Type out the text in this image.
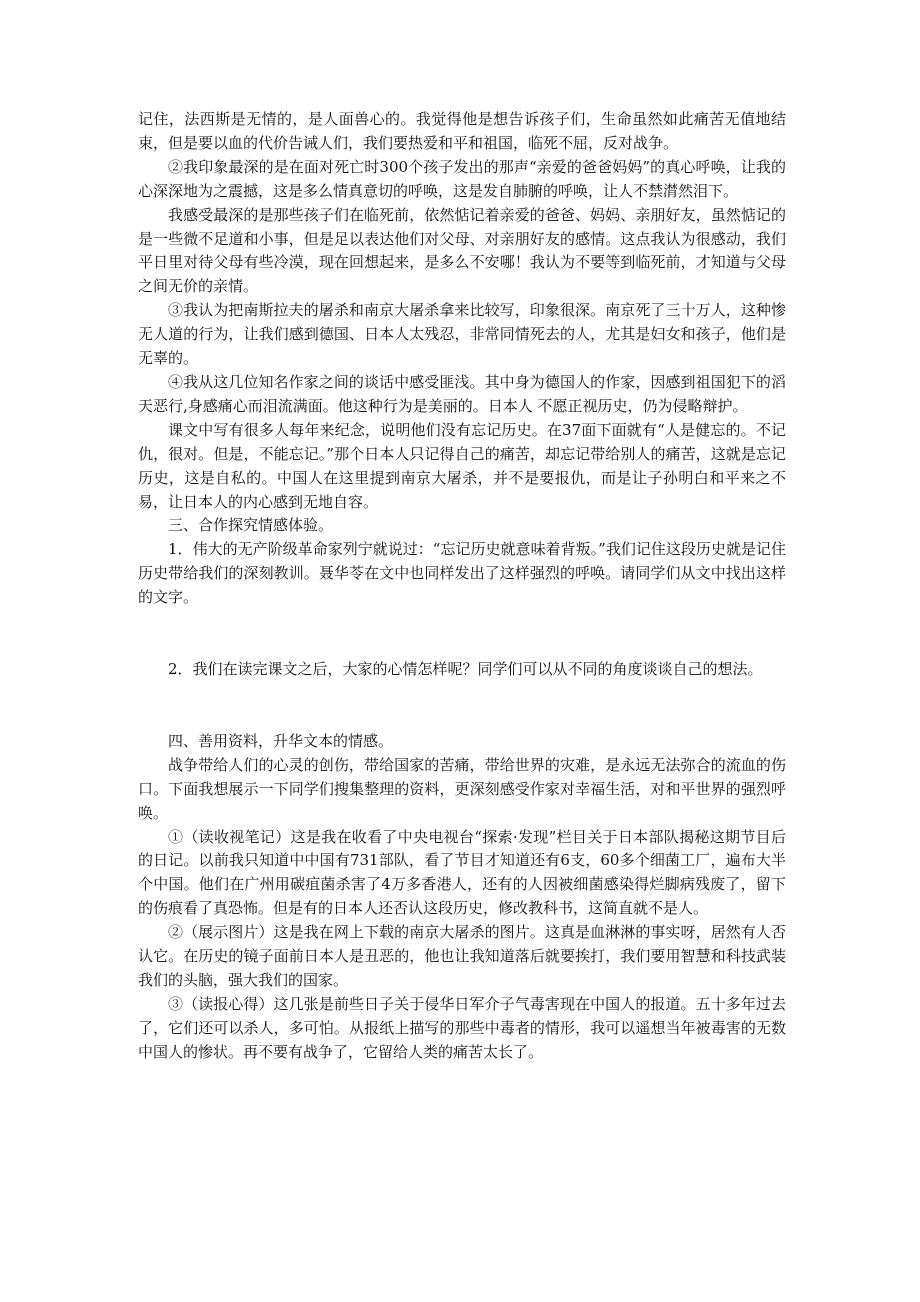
记住，法西斯是无情的，是人面兽心的。我觉得他是想告诉孩子们，生命虽然如此痛苦无值地结束，但是要以血的代价告诫人们，我们要热爱和平和祖国，临死不屈，反对战争。

②我印象最深的是在面对死亡时300个孩子发出的那声“亲爱的爸爸妈妈”的真心呼唤，让我的心深深地为之震撼，这是多么情真意切的呼唤，这是发自肺腑的呼唤，让人不禁潸然泪下。

我感受最深的是那些孩子们在临死前，依然惦记着亲爱的爸爸、妈妈、亲朋好友，虽然惦记的是一些微不足道和小事，但是足以表达他们对父母、对亲朋好友的感情。这点我认为很感动，我们平日里对待父母有些冷漠，现在回想起来，是多么不安哪！我认为不要等到临死前，才知道与父母之间无价的亲情。

③我认为把南斯拉夫的屠杀和南京大屠杀拿来比较写，印象很深。南京死了三十万人，这种惨无人道的行为，让我们感到德国、日本人太残忍，非常同情死去的人，尤其是妇女和孩子，他们是无辜的。

④我从这几位知名作家之间的谈话中感受匪浅。其中身为德国人的作家，因感到祖国犯下的滔天恶行,身感痛心而泪流满面。他这种行为是美丽的。日本人 不愿正视历史，仍为侵略辩护。

课文中写有很多人每年来纪念，说明他们没有忘记历史。在37面下面就有“人是健忘的。不记仇，很对。但是，不能忘记。”那个日本人只记得自己的痛苦，却忘记带给别人的痛苦，这就是忘记历史，这是自私的。中国人在这里提到南京大屠杀，并不是要报仇，而是让子孙明白和平来之不易，让日本人的内心感到无地自容。

三、合作探究情感体验。

1．伟大的无产阶级革命家列宁就说过：“忘记历史就意味着背叛。”我们记住这段历史就是记住历史带给我们的深刻教训。聂华苓在文中也同样发出了这样强烈的呼唤。请同学们从文中找出这样的文字。

2．我们在读完课文之后，大家的心情怎样呢？同学们可以从不同的角度谈谈自己的想法。

四、善用资料，升华文本的情感。

战争带给人们的心灵的创伤，带给国家的苦痛，带给世界的灾难，是永远无法弥合的流血的伤口。下面我想展示一下同学们搜集整理的资料，更深刻感受作家对幸福生活，对和平世界的强烈呼唤。

①（读收视笔记）这是我在收看了中央电视台“探索·发现”栏目关于日本部队揭秘这期节目后的日记。以前我只知道中中国有731部队，看了节目才知道还有6支，60多个细菌工厂，遍布大半个中国。他们在广州用碳疽菌杀害了4万多香港人，还有的人因被细菌感染得烂脚病残废了，留下的伤痕看了真恐怖。但是有的日本人还否认这段历史，修改教科书，这简直就不是人。

②（展示图片）这是我在网上下载的南京大屠杀的图片。这真是血淋淋的事实呀，居然有人否认它。在历史的镜子面前日本人是丑恶的，他也让我知道落后就要挨打，我们要用智慧和科技武装我们的头脑，强大我们的国家。

③（读报心得）这几张是前些日子关于侵华日军介子气毒害现在中国人的报道。五十多年过去了，它们还可以杀人，多可怕。从报纸上描写的那些中毒者的情形，我可以遥想当年被毒害的无数中国人的惨状。再不要有战争了，它留给人类的痛苦太长了。
